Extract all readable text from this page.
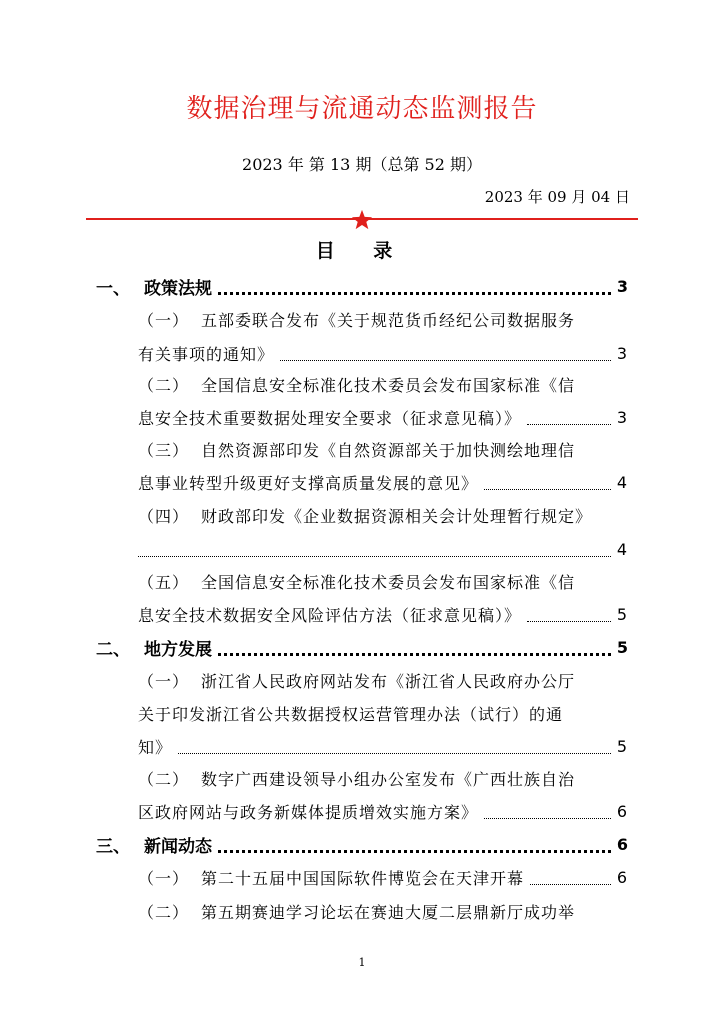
数据治理与流通动态监测报告
2023 年 第 13 期（总第 52 期）
2023 年 09 月 04 日
目 录
一、 政策法规	3
（一） 五部委联合发布《关于规范货币经纪公司数据服务
有关事项的通知》	3
（二） 全国信息安全标准化技术委员会发布国家标准《信
息安全技术重要数据处理安全要求（征求意见稿）》	3
（三） 自然资源部印发《自然资源部关于加快测绘地理信
息事业转型升级更好支撑高质量发展的意见》	4
（四） 财政部印发《企业数据资源相关会计处理暂行规定》
4
（五） 全国信息安全标准化技术委员会发布国家标准《信
息安全技术数据安全风险评估方法（征求意见稿）》	5
二、 地方发展	5
（一） 浙江省人民政府网站发布《浙江省人民政府办公厅
关于印发浙江省公共数据授权运营管理办法（试行）的通
知》	5
（二） 数字广西建设领导小组办公室发布《广西壮族自治
区政府网站与政务新媒体提质增效实施方案》	6
三、 新闻动态	6
（一） 第二十五届中国国际软件博览会在天津开幕	6
（二） 第五期赛迪学习论坛在赛迪大厦二层鼎新厅成功举
1
